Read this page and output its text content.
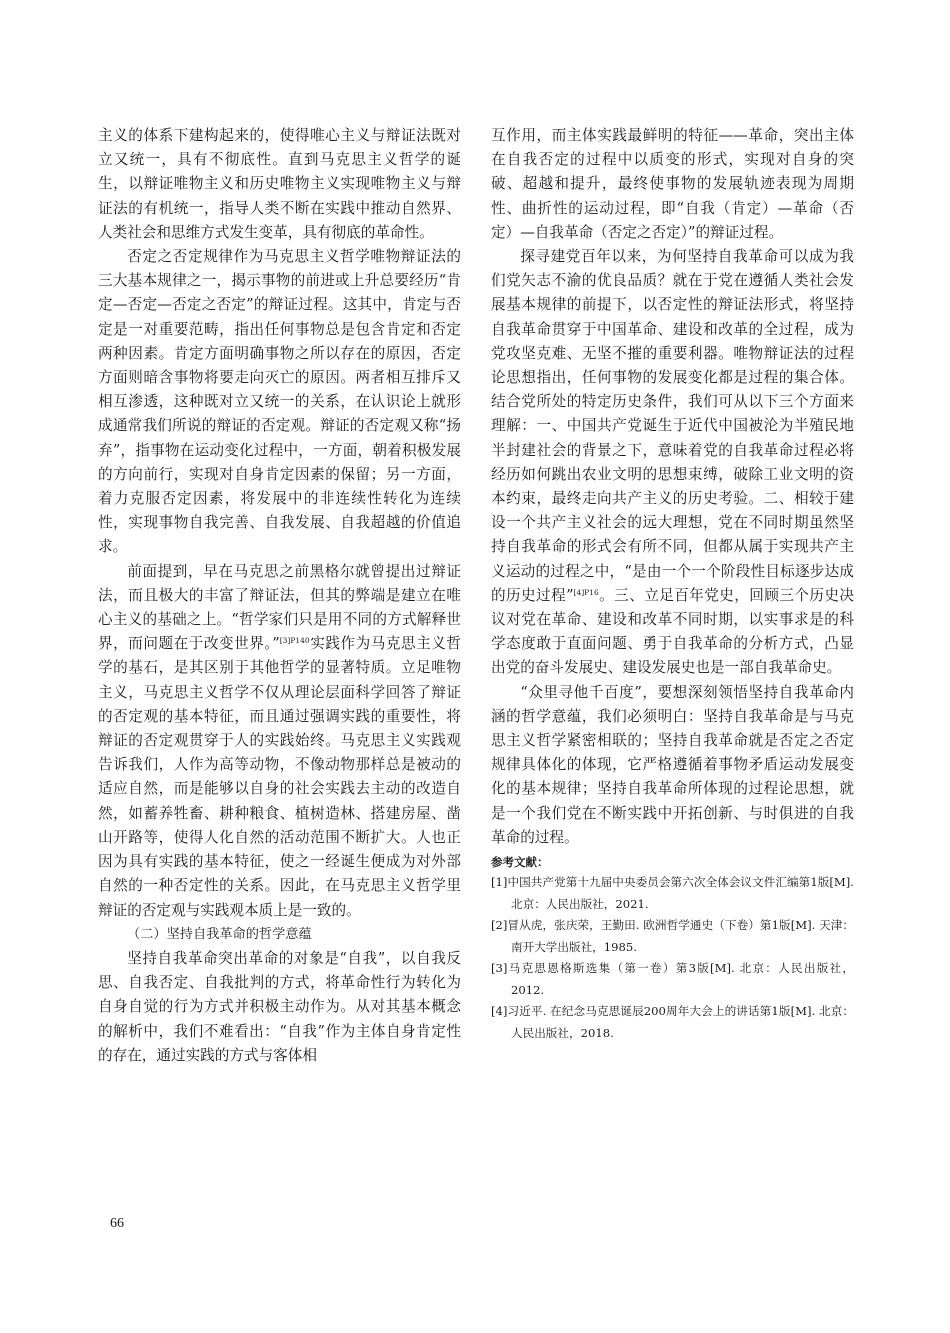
主义的体系下建构起来的，使得唯心主义与辩证法既对立又统一，具有不彻底性。直到马克思主义哲学的诞生，以辩证唯物主义和历史唯物主义实现唯物主义与辩证法的有机统一，指导人类不断在实践中推动自然界、人类社会和思维方式发生变革，具有彻底的革命性。

否定之否定规律作为马克思主义哲学唯物辩证法的三大基本规律之一，揭示事物的前进或上升总要经历“肯定—否定—否定之否定”的辩证过程。这其中，肯定与否定是一对重要范畴，指出任何事物总是包含肯定和否定两种因素。肯定方面明确事物之所以存在的原因，否定方面则暗含事物将要走向灭亡的原因。两者相互排斥又相互渗透，这种既对立又统一的关系，在认识论上就形成通常我们所说的辩证的否定观。辩证的否定观又称“扬弃”，指事物在运动变化过程中，一方面，朝着积极发展的方向前行，实现对自身肯定因素的保留；另一方面，着力克服否定因素，将发展中的非连续性转化为连续性，实现事物自我完善、自我发展、自我超越的价值追求。

前面提到，早在马克思之前黑格尔就曾提出过辩证法，而且极大的丰富了辩证法，但其的弊端是建立在唯心主义的基础之上。“哲学家们只是用不同的方式解释世界，而问题在于改变世界。”$^{[3]P140}$实践作为马克思主义哲学的基石，是其区别于其他哲学的显著特质。立足唯物主义，马克思主义哲学不仅从理论层面科学回答了辩证的否定观的基本特征，而且通过强调实践的重要性，将辩证的否定观贯穿于人的实践始终。马克思主义实践观告诉我们，人作为高等动物，不像动物那样总是被动的适应自然，而是能够以自身的社会实践去主动的改造自然，如蓄养牲畜、耕种粮食、植树造林、搭建房屋、凿山开路等，使得人化自然的活动范围不断扩大。人也正因为具有实践的基本特征，使之一经诞生便成为对外部自然的一种否定性的关系。因此，在马克思主义哲学里辩证的否定观与实践观本质上是一致的。

（二）坚持自我革命的哲学意蕴

坚持自我革命突出革命的对象是“自我”，以自我反思、自我否定、自我批判的方式，将革命性行为转化为自身自觉的行为方式并积极主动作为。从对其基本概念的解析中，我们不难看出：“自我”作为主体自身肯定性的存在，通过实践的方式与客体相

互作用，而主体实践最鲜明的特征——革命，突出主体在自我否定的过程中以质变的形式，实现对自身的突破、超越和提升，最终使事物的发展轨迹表现为周期性、曲折性的运动过程，即“自我（肯定）—革命（否定）—自我革命（否定之否定）”的辩证过程。

探寻建党百年以来，为何坚持自我革命可以成为我们党矢志不渝的优良品质？就在于党在遵循人类社会发展基本规律的前提下，以否定性的辩证法形式，将坚持自我革命贯穿于中国革命、建设和改革的全过程，成为党攻坚克难、无坚不摧的重要利器。唯物辩证法的过程论思想指出，任何事物的发展变化都是过程的集合体。结合党所处的特定历史条件，我们可从以下三个方面来理解：一、中国共产党诞生于近代中国被沦为半殖民地半封建社会的背景之下，意味着党的自我革命过程必将经历如何跳出农业文明的思想束缚，破除工业文明的资本约束，最终走向共产主义的历史考验。二、相较于建设一个共产主义社会的远大理想，党在不同时期虽然坚持自我革命的形式会有所不同，但都从属于实现共产主义运动的过程之中，“是由一个一个阶段性目标逐步达成的历史过程”$^{[4]P16}$。三、立足百年党史，回顾三个历史决议对党在革命、建设和改革不同时期，以实事求是的科学态度敢于直面问题、勇于自我革命的分析方式，凸显出党的奋斗发展史、建设发展史也是一部自我革命史。

“众里寻他千百度”，要想深刻领悟坚持自我革命内涵的哲学意蕴，我们必须明白：坚持自我革命是与马克思主义哲学紧密相联的；坚持自我革命就是否定之否定规律具体化的体现，它严格遵循着事物矛盾运动发展变化的基本规律；坚持自我革命所体现的过程论思想，就是一个我们党在不断实践中开拓创新、与时俱进的自我革命的过程。

参考文献：

[1]中国共产党第十九届中央委员会第六次全体会议文件汇编第1版[M].北京：人民出版社，2021.

[2]冒从虎，张庆荣，王勤田. 欧洲哲学通史（下卷）第1版[M]. 天津：南开大学出版社，1985.

[3]马克思恩格斯选集（第一卷）第3版[M]. 北京：人民出版社，2012.

[4]习近平. 在纪念马克思诞辰200周年大会上的讲话第1版[M]. 北京：人民出版社，2018.

66
